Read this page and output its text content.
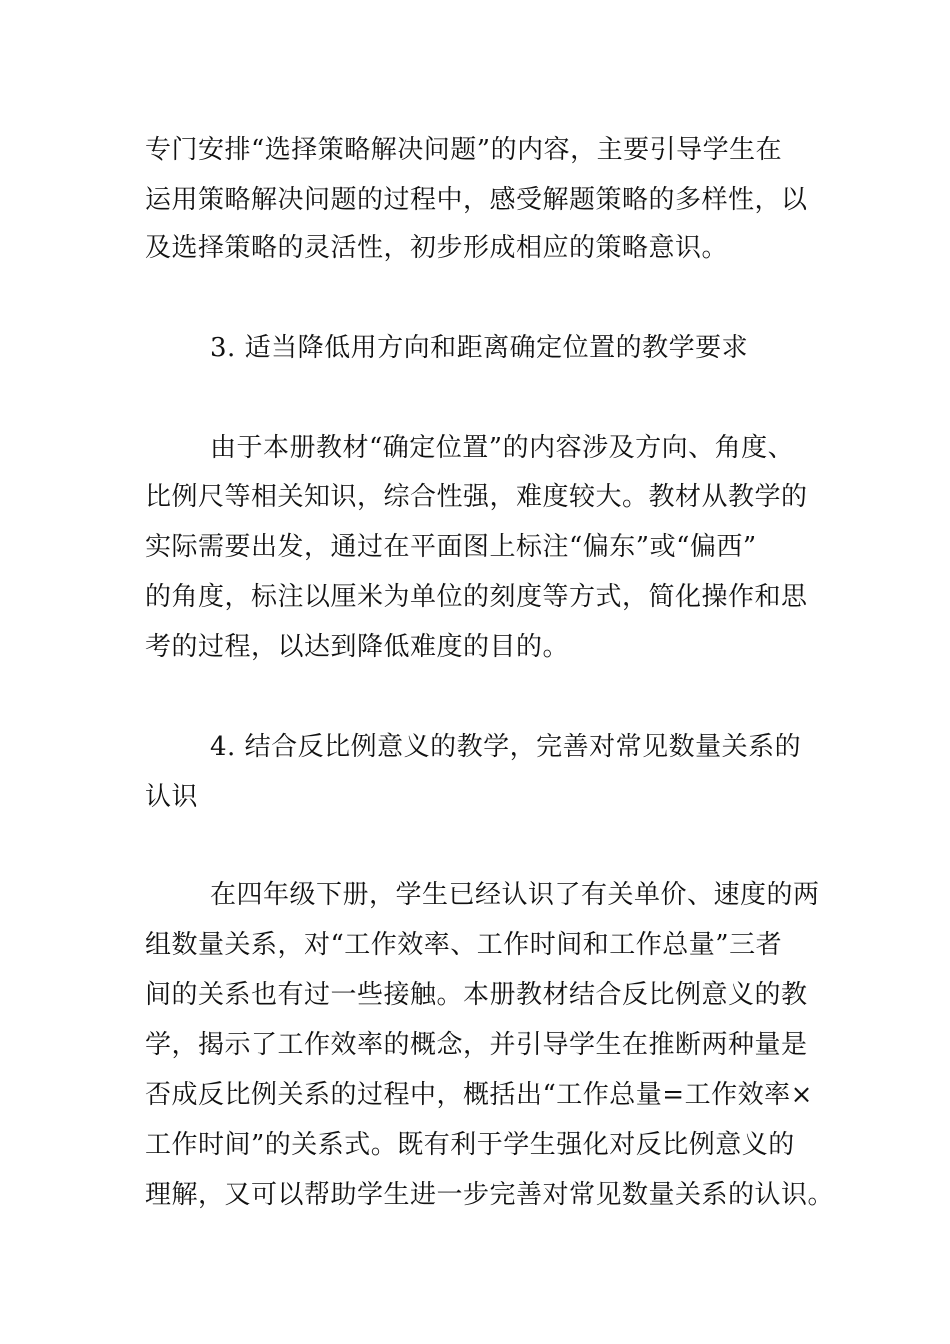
专门安排“选择策略解决问题”的内容，主要引导学生在
运用策略解决问题的过程中，感受解题策略的多样性，以
及选择策略的灵活性，初步形成相应的策略意识。
3. 适当降低用方向和距离确定位置的教学要求
由于本册教材“确定位置”的内容涉及方向、角度、
比例尺等相关知识，综合性强，难度较大。教材从教学的
实际需要出发，通过在平面图上标注“偏东”或“偏西”
的角度，标注以厘米为单位的刻度等方式，简化操作和思
考的过程，以达到降低难度的目的。
4. 结合反比例意义的教学，完善对常见数量关系的
认识
在四年级下册，学生已经认识了有关单价、速度的两
组数量关系，对“工作效率、工作时间和工作总量”三者
间的关系也有过一些接触。本册教材结合反比例意义的教
学，揭示了工作效率的概念，并引导学生在推断两种量是
否成反比例关系的过程中，概括出“工作总量=工作效率×
工作时间”的关系式。既有利于学生强化对反比例意义的
理解，又可以帮助学生进一步完善对常见数量关系的认识。
